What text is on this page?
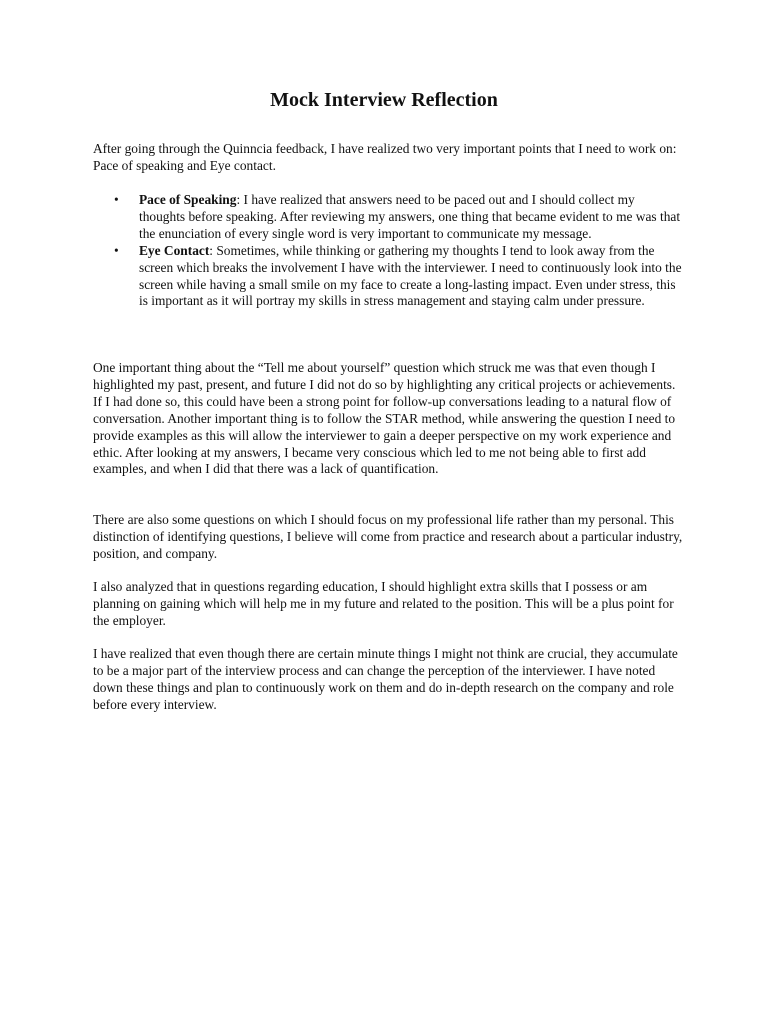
Mock Interview Reflection

After going through the Quinncia feedback, I have realized two very important points that I need to work on: Pace of speaking and Eye contact.

• Pace of Speaking: I have realized that answers need to be paced out and I should collect my thoughts before speaking. After reviewing my answers, one thing that became evident to me was that the enunciation of every single word is very important to communicate my message.
• Eye Contact: Sometimes, while thinking or gathering my thoughts I tend to look away from the screen which breaks the involvement I have with the interviewer. I need to continuously look into the screen while having a small smile on my face to create a long-lasting impact. Even under stress, this is important as it will portray my skills in stress management and staying calm under pressure.

One important thing about the “Tell me about yourself” question which struck me was that even though I highlighted my past, present, and future I did not do so by highlighting any critical projects or achievements. If I had done so, this could have been a strong point for follow-up conversations leading to a natural flow of conversation. Another important thing is to follow the STAR method, while answering the question I need to provide examples as this will allow the interviewer to gain a deeper perspective on my work experience and ethic. After looking at my answers, I became very conscious which led to me not being able to first add examples, and when I did that there was a lack of quantification.

There are also some questions on which I should focus on my professional life rather than my personal. This distinction of identifying questions, I believe will come from practice and research about a particular industry, position, and company.

I also analyzed that in questions regarding education, I should highlight extra skills that I possess or am planning on gaining which will help me in my future and related to the position. This will be a plus point for the employer.

I have realized that even though there are certain minute things I might not think are crucial, they accumulate to be a major part of the interview process and can change the perception of the interviewer. I have noted down these things and plan to continuously work on them and do in-depth research on the company and role before every interview.
